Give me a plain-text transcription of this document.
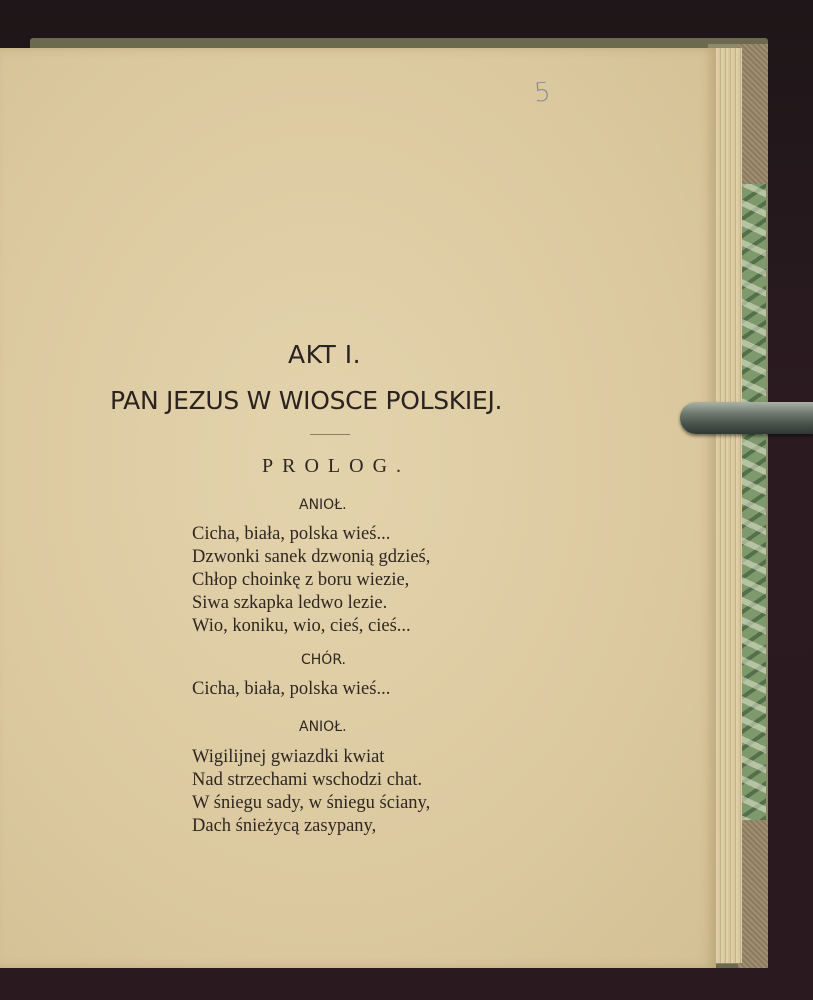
5
AKT I.
PAN JEZUS W WIOSCE POLSKIEJ.
PROLOG.
ANIOŁ.
Cicha, biała, polska wieś...
Dzwonki sanek dzwonią gdzieś,
Chłop choinkę z boru wiezie,
Siwa szkapka ledwo lezie.
Wio, koniku, wio, cieś, cieś...
CHÓR.
Cicha, biała, polska wieś...
ANIOŁ.
Wigilijnej gwiazdki kwiat
Nad strzechami wschodzi chat.
W śniegu sady, w śniegu ściany,
Dach śnieżycą zasypany,
